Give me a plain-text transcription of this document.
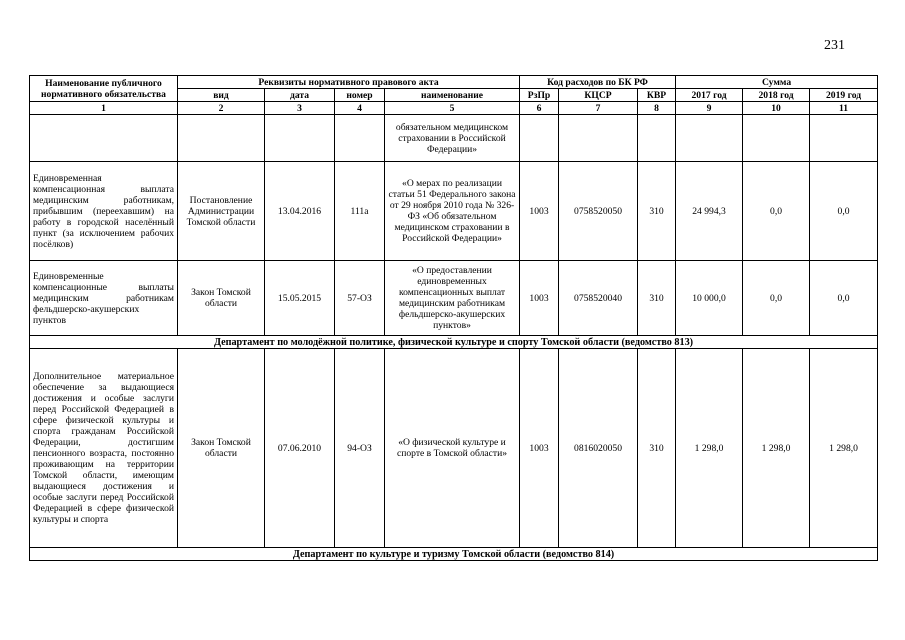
231
Наименование публичного
нормативного обязательства	Реквизиты нормативного правового акта				Код расходов по БК РФ			Сумма		
	вид	дата	номер	наименование	РзПр	КЦСР	КВР	2017 год	2018 год	2019 год
1	2	3	4	5	6	7	8	9	10	11
				обязательном медицинском страховании в Российской Федерации»						
Единовременная компенсационная выплата медицинским работникам, прибывшим (переехавшим) на работу в городской населённый пункт (за исключением рабочих посёлков)	Постановление Администрации Томской области	13.04.2016	111а	«О мерах по реализации статьи 51 Федерального закона от 29 ноября 2010 года № 326-ФЗ «Об обязательном медицинском страховании в Российской Федерации»	1003	0758520050	310	24 994,3	0,0	0,0
Единовременные компенсационные выплаты медицинским работникам фельдшерско-акушерских пунктов	Закон Томской области	15.05.2015	57-ОЗ	«О предоставлении единовременных компенсационных выплат медицинским работникам фельдшерско-акушерских пунктов»	1003	0758520040	310	10 000,0	0,0	0,0
Департамент по молодёжной политике, физической культуре и спорту Томской области (ведомство 813)										
Дополнительное материальное обеспечение за выдающиеся достижения и особые заслуги перед Российской Федерацией в сфере физической культуры и спорта гражданам Российской Федерации, достигшим пенсионного возраста, постоянно проживающим на территории Томской области, имеющим выдающиеся достижения и особые заслуги перед Российской Федерацией в сфере физической культуры и спорта	Закон Томской области	07.06.2010	94-ОЗ	«О физической культуре и спорте в Томской области»	1003	0816020050	310	1 298,0	1 298,0	1 298,0
Департамент по культуре и туризму Томской области (ведомство 814)										
